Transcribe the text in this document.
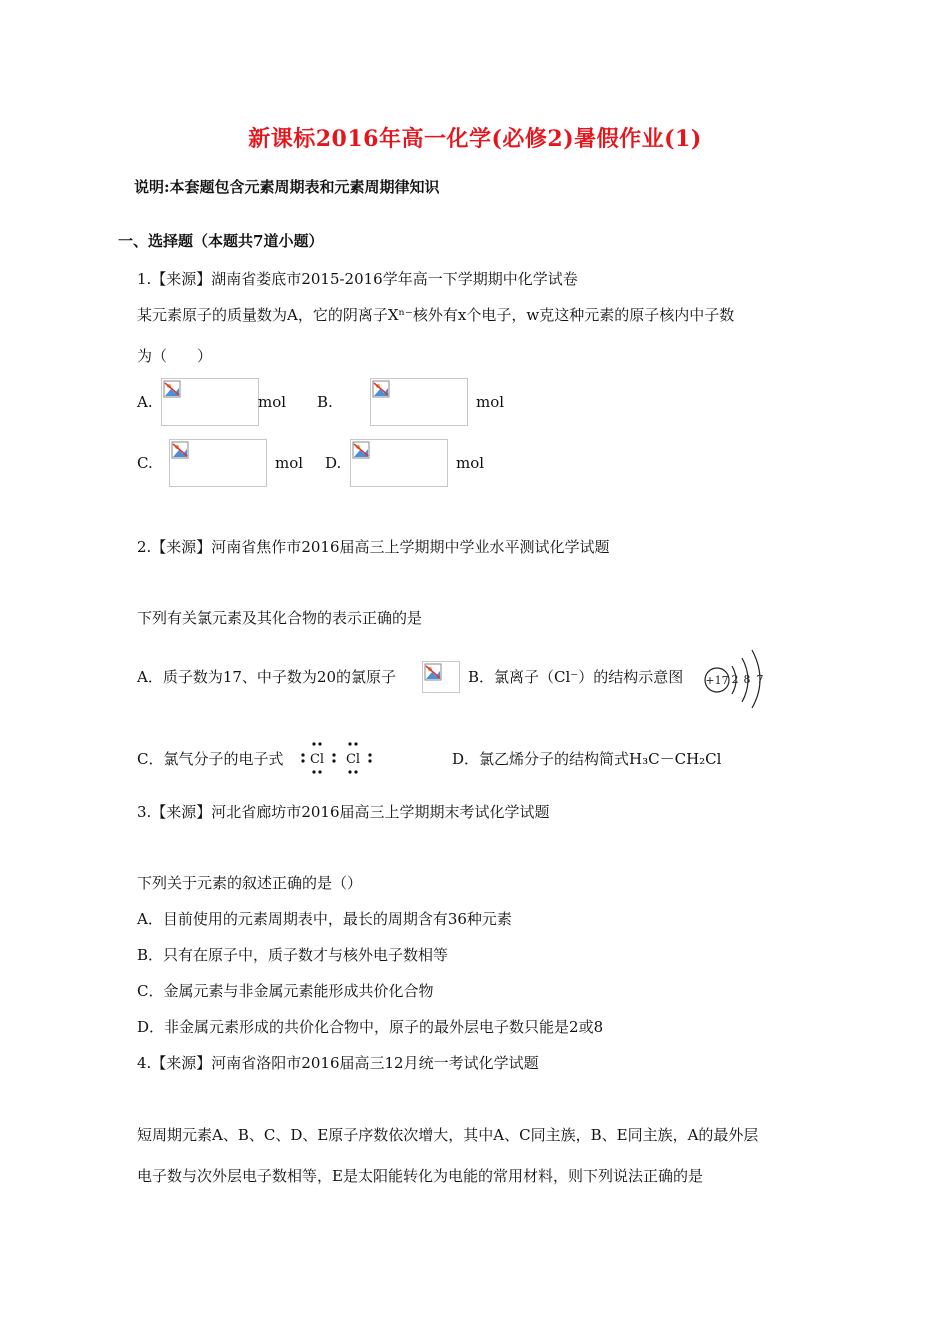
新课标2016年高一化学(必修2)暑假作业(1)
说明:本套题包含元素周期表和元素周期律知识
一、选择题（本题共7道小题）
1.【来源】湖南省娄底市2015-2016学年高一下学期期中化学试卷
某元素原子的质量数为A，它的阴离子Xⁿ⁻核外有x个电子，w克这种元素的原子核内中子数
为（　　）
A.	mol B.	mol
C.	mol D.	mol
2.【来源】河南省焦作市2016届高三上学期期中学业水平测试化学试题
下列有关氯元素及其化合物的表示正确的是
A．质子数为17、中子数为20的氯原子	B．氯离子（Cl⁻）的结构示意图 +17 2 8 7
C．氯气分子的电子式 Cl Cl	D．氯乙烯分子的结构简式H₃C－CH₂Cl
3.【来源】河北省廊坊市2016届高三上学期期末考试化学试题
下列关于元素的叙述正确的是（）
A．目前使用的元素周期表中，最长的周期含有36种元素
B．只有在原子中，质子数才与核外电子数相等
C．金属元素与非金属元素能形成共价化合物
D．非金属元素形成的共价化合物中，原子的最外层电子数只能是2或8
4.【来源】河南省洛阳市2016届高三12月统一考试化学试题
短周期元素A、B、C、D、E原子序数依次增大，其中A、C同主族，B、E同主族，A的最外层
电子数与次外层电子数相等，E是太阳能转化为电能的常用材料，则下列说法正确的是
